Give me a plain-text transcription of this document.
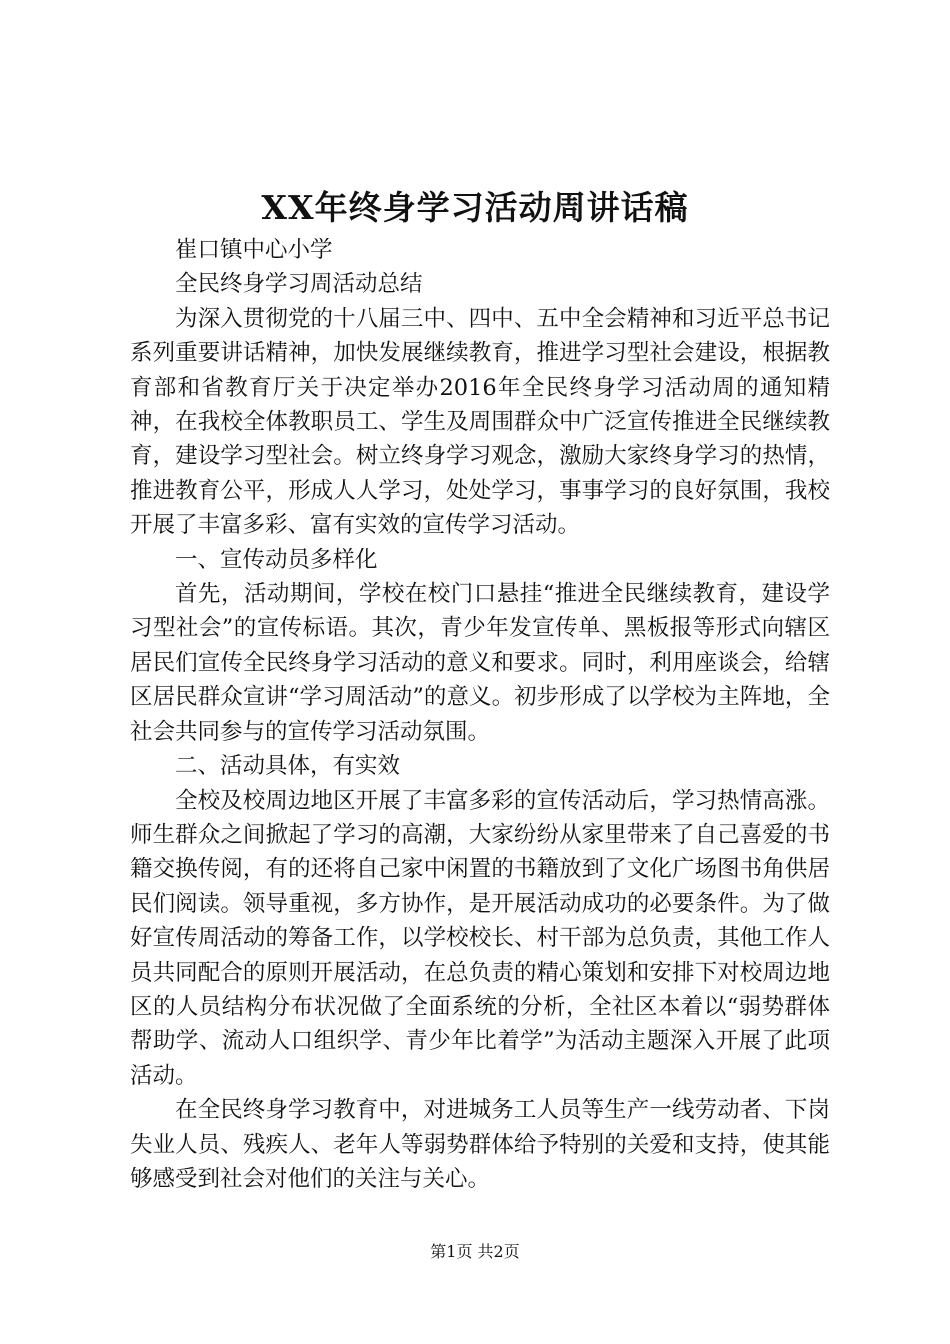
XX年终身学习活动周讲话稿

崔口镇中心小学

全民终身学习周活动总结

为深入贯彻党的十八届三中、四中、五中全会精神和习近平总书记系列重要讲话精神，加快发展继续教育，推进学习型社会建设，根据教育部和省教育厅关于决定举办2016年全民终身学习活动周的通知精神，在我校全体教职员工、学生及周围群众中广泛宣传推进全民继续教育，建设学习型社会。树立终身学习观念，激励大家终身学习的热情，推进教育公平，形成人人学习，处处学习，事事学习的良好氛围，我校开展了丰富多彩、富有实效的宣传学习活动。

一、宣传动员多样化

首先，活动期间，学校在校门口悬挂“推进全民继续教育，建设学习型社会”的宣传标语。其次，青少年发宣传单、黑板报等形式向辖区居民们宣传全民终身学习活动的意义和要求。同时，利用座谈会，给辖区居民群众宣讲“学习周活动”的意义。初步形成了以学校为主阵地，全社会共同参与的宣传学习活动氛围。

二、活动具体，有实效

全校及校周边地区开展了丰富多彩的宣传活动后，学习热情高涨。师生群众之间掀起了学习的高潮，大家纷纷从家里带来了自己喜爱的书籍交换传阅，有的还将自己家中闲置的书籍放到了文化广场图书角供居民们阅读。领导重视，多方协作，是开展活动成功的必要条件。为了做好宣传周活动的筹备工作，以学校校长、村干部为总负责，其他工作人员共同配合的原则开展活动，在总负责的精心策划和安排下对校周边地区的人员结构分布状况做了全面系统的分析，全社区本着以“弱势群体帮助学、流动人口组织学、青少年比着学”为活动主题深入开展了此项活动。

在全民终身学习教育中，对进城务工人员等生产一线劳动者、下岗失业人员、残疾人、老年人等弱势群体给予特别的关爱和支持，使其能够感受到社会对他们的关注与关心。

第1页 共2页
